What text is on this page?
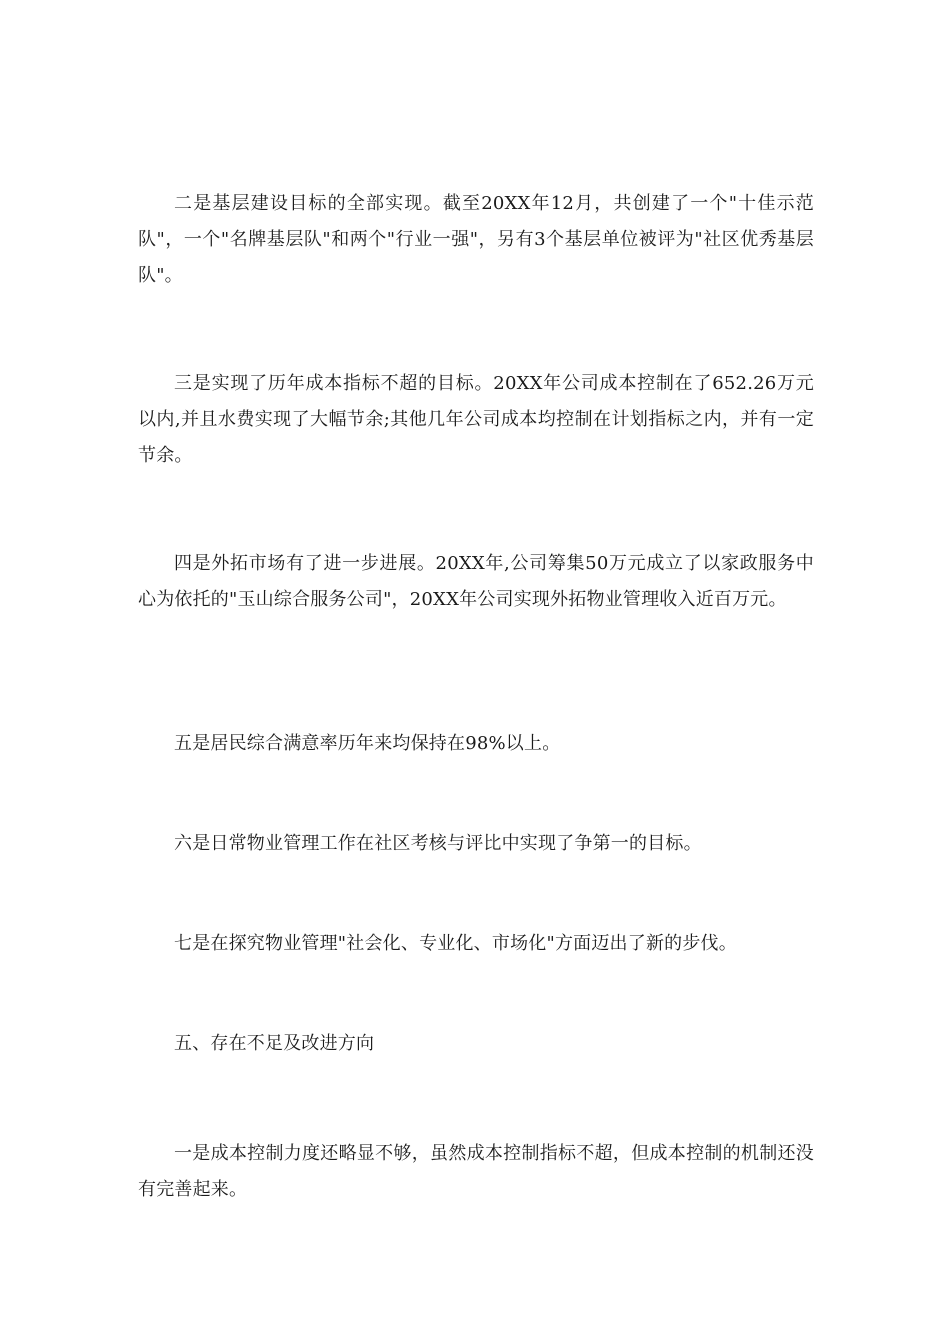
二是基层建设目标的全部实现。截至20XX年12月，共创建了一个"十佳示范队"，一个"名牌基层队"和两个"行业一强"，另有3个基层单位被评为"社区优秀基层队"。

三是实现了历年成本指标不超的目标。20XX年公司成本控制在了652.26万元以内,并且水费实现了大幅节余;其他几年公司成本均控制在计划指标之内，并有一定节余。

四是外拓市场有了进一步进展。20XX年,公司筹集50万元成立了以家政服务中心为依托的"玉山综合服务公司"，20XX年公司实现外拓物业管理收入近百万元。

五是居民综合满意率历年来均保持在98%以上。

六是日常物业管理工作在社区考核与评比中实现了争第一的目标。

七是在探究物业管理"社会化、专业化、市场化"方面迈出了新的步伐。

五、存在不足及改进方向

一是成本控制力度还略显不够，虽然成本控制指标不超，但成本控制的机制还没有完善起来。
